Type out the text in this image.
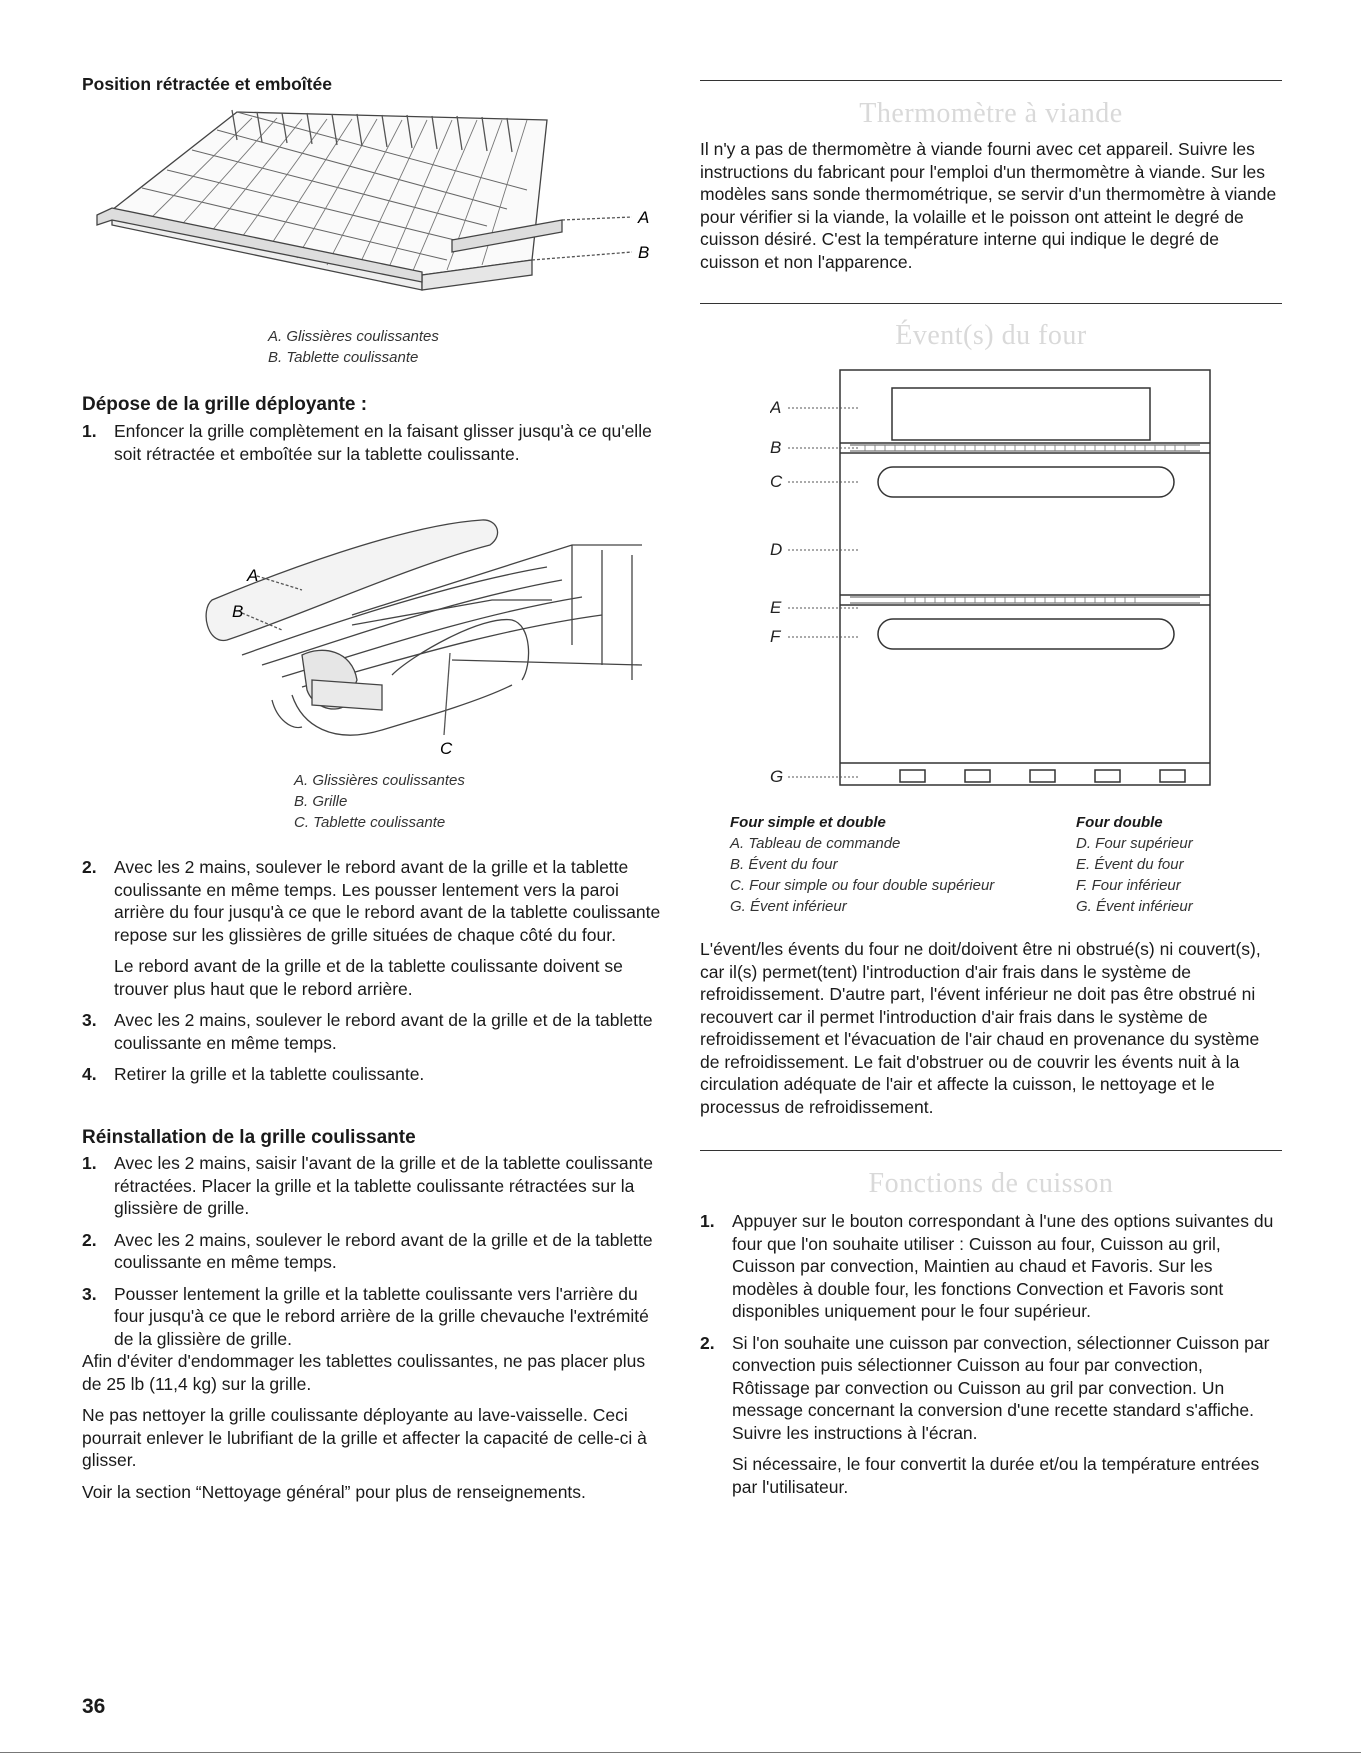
Position rétractée et emboîtée
A
B
A. Glissières coulissantes
B. Tablette coulissante
Dépose de la grille déployante :
1. Enfoncer la grille complètement en la faisant glisser jusqu'à ce qu'elle soit rétractée et emboîtée sur la tablette coulissante.
A
B
C
A. Glissières coulissantes
B. Grille
C. Tablette coulissante
2. Avec les 2 mains, soulever le rebord avant de la grille et la tablette coulissante en même temps. Les pousser lentement vers la paroi arrière du four jusqu'à ce que le rebord avant de la tablette coulissante repose sur les glissières de grille situées de chaque côté du four.
Le rebord avant de la grille et de la tablette coulissante doivent se trouver plus haut que le rebord arrière.
3. Avec les 2 mains, soulever le rebord avant de la grille et de la tablette coulissante en même temps.
4. Retirer la grille et la tablette coulissante.
Réinstallation de la grille coulissante
1. Avec les 2 mains, saisir l'avant de la grille et de la tablette coulissante rétractées. Placer la grille et la tablette coulissante rétractées sur la glissière de grille.
2. Avec les 2 mains, soulever le rebord avant de la grille et de la tablette coulissante en même temps.
3. Pousser lentement la grille et la tablette coulissante vers l'arrière du four jusqu'à ce que le rebord arrière de la grille chevauche l'extrémité de la glissière de grille.

Afin d'éviter d'endommager les tablettes coulissantes, ne pas placer plus de 25 lb (11,4 kg) sur la grille.

Ne pas nettoyer la grille coulissante déployante au lave-vaisselle. Ceci pourrait enlever le lubrifiant de la grille et affecter la capacité de celle-ci à glisser.

Voir la section “Nettoyage général” pour plus de renseignements.

Thermomètre à viande

Il n'y a pas de thermomètre à viande fourni avec cet appareil. Suivre les instructions du fabricant pour l'emploi d'un thermomètre à viande. Sur les modèles sans sonde thermométrique, se servir d'un thermomètre à viande pour vérifier si la viande, la volaille et le poisson ont atteint le degré de cuisson désiré. C'est la température interne qui indique le degré de cuisson et non l'apparence.

Évent(s) du four
A
B
C
D
E
F
G
Four simple et double
A. Tableau de commande
B. Évent du four
C. Four simple ou four double supérieur
G. Évent inférieur
Four double
D. Four supérieur
E. Évent du four
F. Four inférieur
G. Évent inférieur

L'évent/les évents du four ne doit/doivent être ni obstrué(s) ni couvert(s), car il(s) permet(tent) l'introduction d'air frais dans le système de refroidissement. D'autre part, l'évent inférieur ne doit pas être obstrué ni recouvert car il permet l'introduction d'air frais dans le système de refroidissement et l'évacuation de l'air chaud en provenance du système de refroidissement. Le fait d'obstruer ou de couvrir les évents nuit à la circulation adéquate de l'air et affecte la cuisson, le nettoyage et le processus de refroidissement.

Fonctions de cuisson
1. Appuyer sur le bouton correspondant à l'une des options suivantes du four que l'on souhaite utiliser : Cuisson au four, Cuisson au gril, Cuisson par convection, Maintien au chaud et Favoris. Sur les modèles à double four, les fonctions Convection et Favoris sont disponibles uniquement pour le four supérieur.
2. Si l'on souhaite une cuisson par convection, sélectionner Cuisson par convection puis sélectionner Cuisson au four par convection, Rôtissage par convection ou Cuisson au gril par convection. Un message concernant la conversion d'une recette standard s'affiche. Suivre les instructions à l'écran.
Si nécessaire, le four convertit la durée et/ou la température entrées par l'utilisateur.
36
